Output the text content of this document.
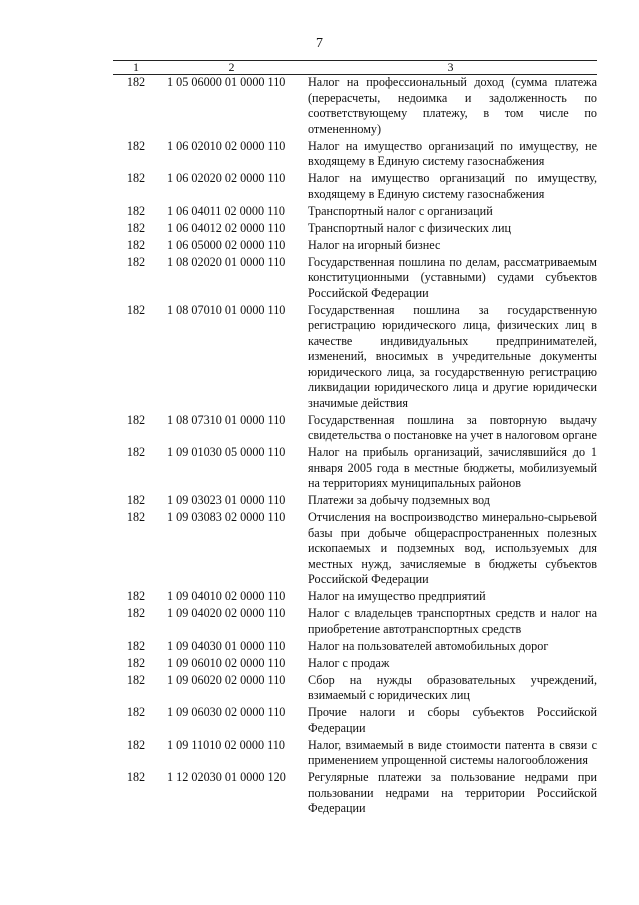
7
1	2	3
182	1 05 06000 01 0000 110	Налог на профессиональный доход (сумма платежа (перерасчеты, недоимка и задолженность по соответствующему платежу, в том числе по отмененному)
182	1 06 02010 02 0000 110	Налог на имущество организаций по имуществу, не входящему в Единую систему газоснабжения
182	1 06 02020 02 0000 110	Налог на имущество организаций по имуществу, входящему в Единую систему газоснабжения
182	1 06 04011 02 0000 110	Транспортный налог с организаций
182	1 06 04012 02 0000 110	Транспортный налог с физических лиц
182	1 06 05000 02 0000 110	Налог на игорный бизнес
182	1 08 02020 01 0000 110	Государственная пошлина по делам, рассматриваемым конституционными (уставными) судами субъектов Российской Федерации
182	1 08 07010 01 0000 110	Государственная пошлина за государственную регистрацию юридического лица, физических лиц в качестве индивидуальных предпринимателей, изменений, вносимых в учредительные документы юридического лица, за государственную регистрацию ликвидации юридического лица и другие юридически значимые действия
182	1 08 07310 01 0000 110	Государственная пошлина за повторную выдачу свидетельства о постановке на учет в налоговом органе
182	1 09 01030 05 0000 110	Налог на прибыль организаций, зачислявшийся до 1 января 2005 года в местные бюджеты, мобилизуемый на территориях муниципальных районов
182	1 09 03023 01 0000 110	Платежи за добычу подземных вод
182	1 09 03083 02 0000 110	Отчисления на воспроизводство минерально-сырьевой базы при добыче общераспространенных полезных ископаемых и подземных вод, используемых для местных нужд, зачисляемые в бюджеты субъектов Российской Федерации
182	1 09 04010 02 0000 110	Налог на имущество предприятий
182	1 09 04020 02 0000 110	Налог с владельцев транспортных средств и налог на приобретение автотранспортных средств
182	1 09 04030 01 0000 110	Налог на пользователей автомобильных дорог
182	1 09 06010 02 0000 110	Налог с продаж
182	1 09 06020 02 0000 110	Сбор на нужды образовательных учреждений, взимаемый с юридических лиц
182	1 09 06030 02 0000 110	Прочие налоги и сборы субъектов Российской Федерации
182	1 09 11010 02 0000 110	Налог, взимаемый в виде стоимости патента в связи с применением упрощенной системы налогообложения
182	1 12 02030 01 0000 120	Регулярные платежи за пользование недрами при пользовании недрами на территории Российской Федерации
